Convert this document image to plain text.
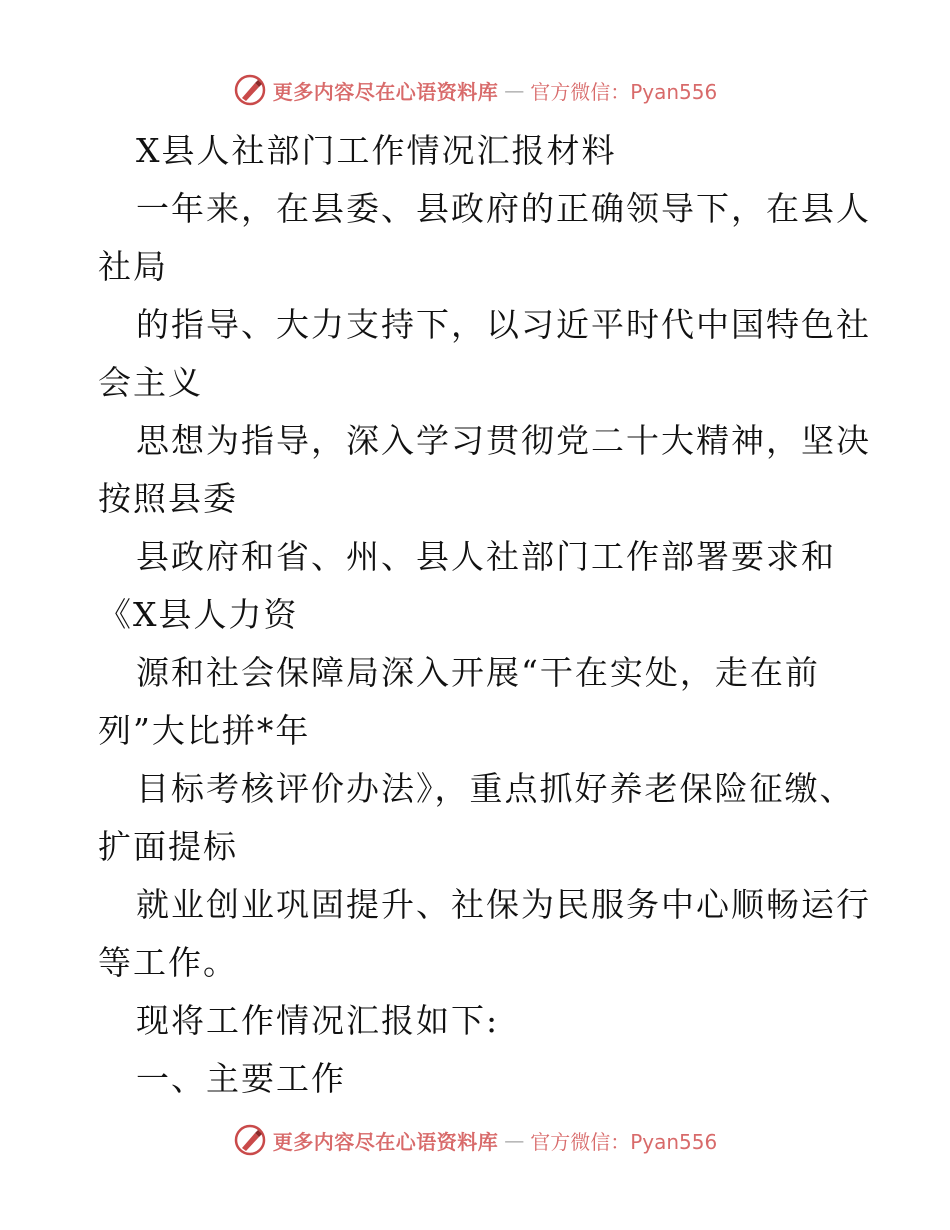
更多内容尽在心语资料库 — 官方微信：Pyan556
X县人社部门工作情况汇报材料
一年来，在县委、县政府的正确领导下，在县人
社局
的指导、大力支持下，以习近平时代中国特色社
会主义
思想为指导，深入学习贯彻党二十大精神，坚决
按照县委
县政府和省、州、县人社部门工作部署要求和
《X县人力资
源和社会保障局深入开展“干在实处，走在前
列”大比拼*年
目标考核评价办法》，重点抓好养老保险征缴、
扩面提标
就业创业巩固提升、社保为民服务中心顺畅运行
等工作。
现将工作情况汇报如下:
一、主要工作
更多内容尽在心语资料库 — 官方微信：Pyan556
